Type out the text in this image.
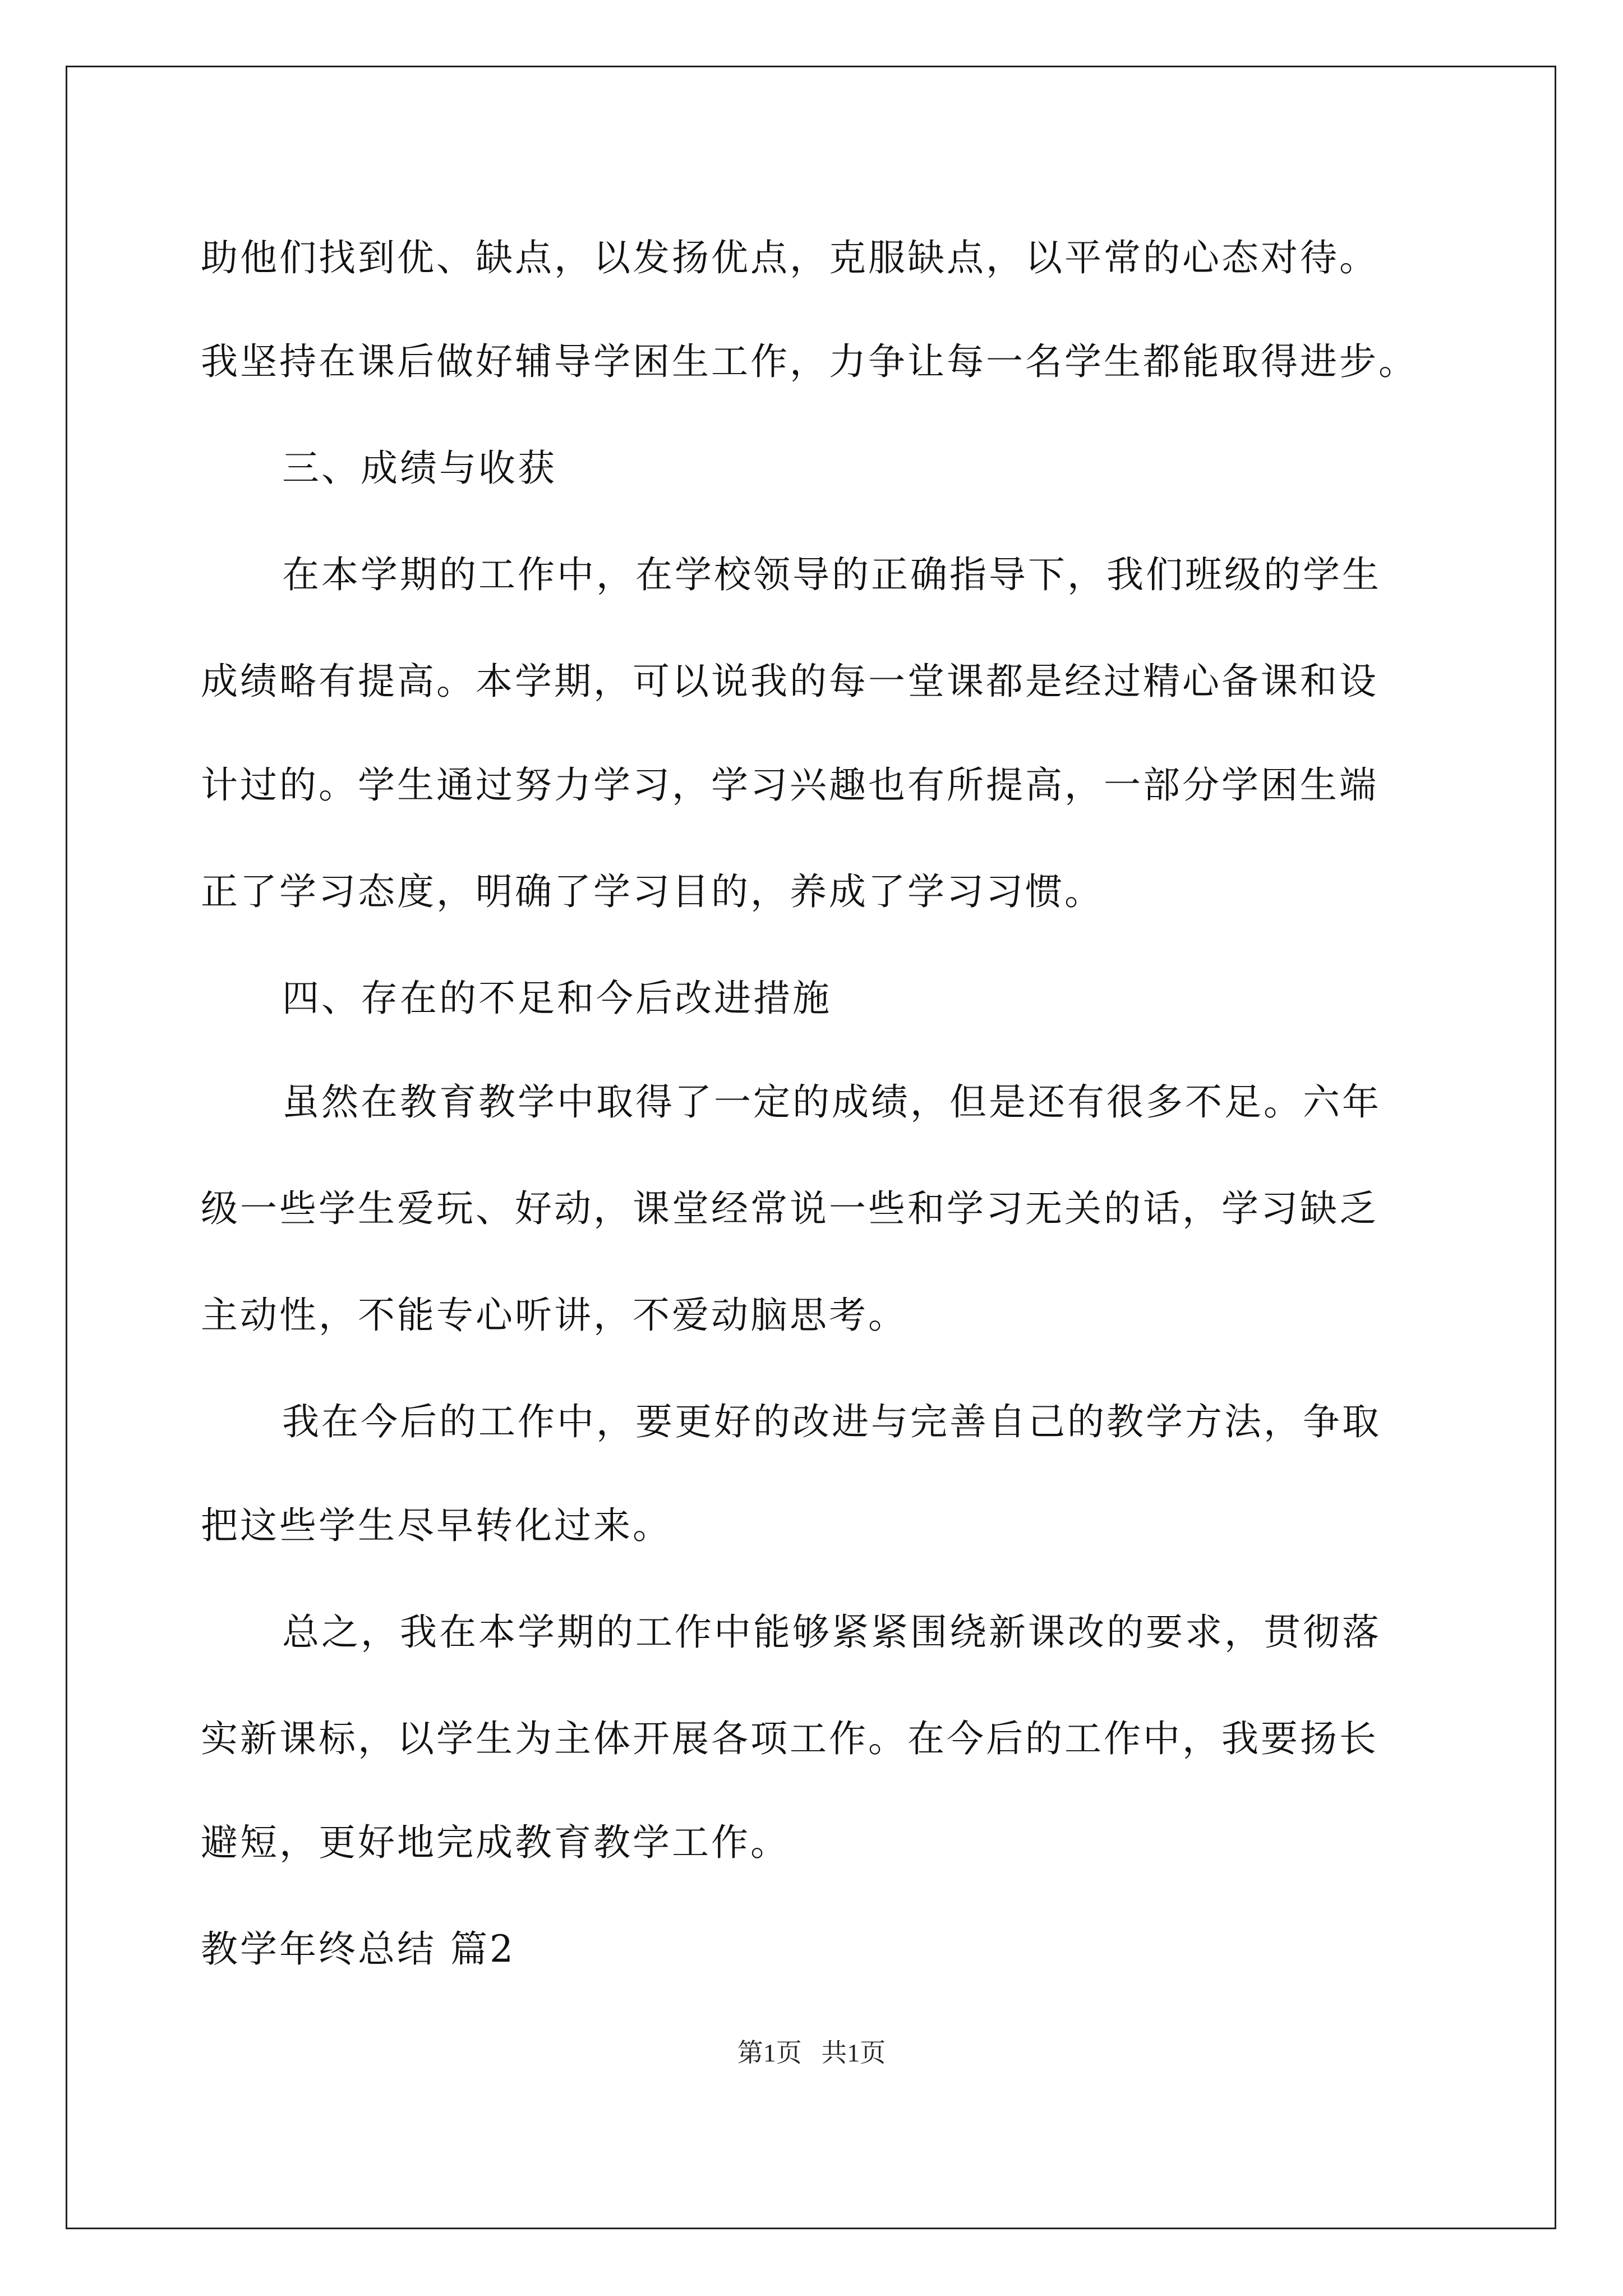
助他们找到优、缺点，以发扬优点，克服缺点，以平常的心态对待。
我坚持在课后做好辅导学困生工作，力争让每一名学生都能取得进步。
三、成绩与收获
在本学期的工作中，在学校领导的正确指导下，我们班级的学生
成绩略有提高。本学期，可以说我的每一堂课都是经过精心备课和设
计过的。学生通过努力学习，学习兴趣也有所提高，一部分学困生端
正了学习态度，明确了学习目的，养成了学习习惯。
四、存在的不足和今后改进措施
虽然在教育教学中取得了一定的成绩，但是还有很多不足。六年
级一些学生爱玩、好动，课堂经常说一些和学习无关的话，学习缺乏
主动性，不能专心听讲，不爱动脑思考。
我在今后的工作中，要更好的改进与完善自己的教学方法，争取
把这些学生尽早转化过来。
总之，我在本学期的工作中能够紧紧围绕新课改的要求，贯彻落
实新课标，以学生为主体开展各项工作。在今后的工作中，我要扬长
避短，更好地完成教育教学工作。
教学年终总结 篇2
第1页   共1页
